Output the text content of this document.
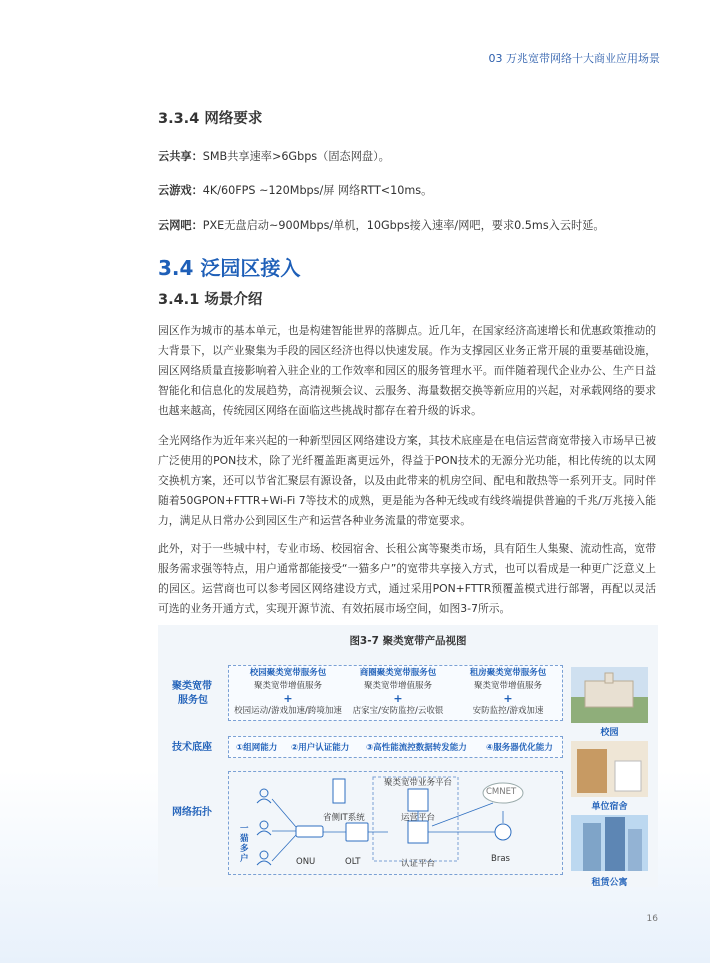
03 万兆宽带网络十大商业应用场景
3.3.4 网络要求
云共享：SMB共享速率>6Gbps（固态网盘）。
云游戏：4K/60FPS ~120Mbps/屏 网络RTT<10ms。
云网吧：PXE无盘启动~900Mbps/单机，10Gbps接入速率/网吧，要求0.5ms入云时延。
3.4 泛园区接入
3.4.1 场景介绍
园区作为城市的基本单元，也是构建智能世界的落脚点。近几年，在国家经济高速增长和优惠政策推动的大背景下，以产业聚集为手段的园区经济也得以快速发展。作为支撑园区业务正常开展的重要基础设施，园区网络质量直接影响着入驻企业的工作效率和园区的服务管理水平。而伴随着现代企业办公、生产日益智能化和信息化的发展趋势，高清视频会议、云服务、海量数据交换等新应用的兴起，对承载网络的要求也越来越高，传统园区网络在面临这些挑战时都存在着升级的诉求。
全光网络作为近年来兴起的一种新型园区网络建设方案，其技术底座是在电信运营商宽带接入市场早已被广泛使用的PON技术，除了光纤覆盖距离更远外，得益于PON技术的无源分光功能，相比传统的以太网交换机方案，还可以节省汇聚层有源设备，以及由此带来的机房空间、配电和散热等一系列开支。同时伴随着50GPON+FTTR+Wi-Fi 7等技术的成熟，更是能为各种无线或有线终端提供普遍的千兆/万兆接入能力，满足从日常办公到园区生产和运营各种业务流量的带宽要求。
此外，对于一些城中村，专业市场、校园宿舍、长租公寓等聚类市场，具有陌生人集聚、流动性高，宽带服务需求强等特点，用户通常都能接受“一猫多户”的宽带共享接入方式，也可以看成是一种更广泛意义上的园区。运营商也可以参考园区网络建设方式，通过采用PON+FTTR预覆盖模式进行部署，再配以灵活可选的业务开通方式，实现开源节流、有效拓展市场空间，如图3-7所示。
图3-7 聚类宽带产品视图
聚类宽带
服务包
技术底座
网络拓扑
校园聚类宽带服务包
聚类宽带增值服务
+
校园运动/游戏加速/跨境加速
商圈聚类宽带服务包
聚类宽带增值服务
+
店家宝/安防监控/云收银
租房聚类宽带服务包
聚类宽带增值服务
+
安防监控/游戏加速
①组网能力 ②用户认证能力 ③高性能流控数据转发能力 ④服务器优化能力
聚类宽带业务平台
省侧IT系统	运营平台
认证平台
ONU	OLT	Bras
CMNET
一
猫
多
户
校园
单位宿舍
租赁公寓
16
